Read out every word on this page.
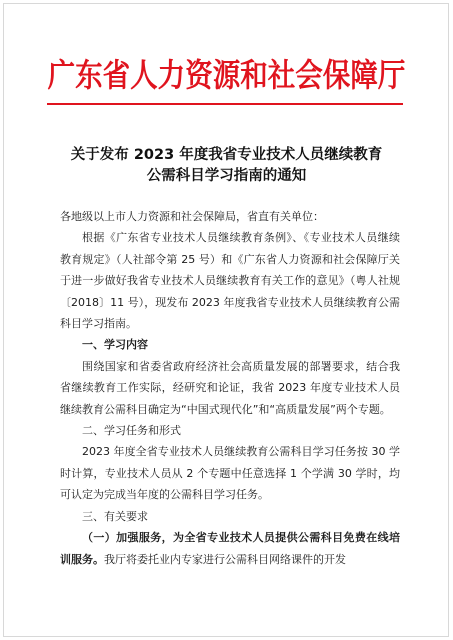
广东省人力资源和社会保障厅
关于发布 2023 年度我省专业技术人员继续教育
公需科目学习指南的通知

各地级以上市人力资源和社会保障局，省直有关单位：

根据《广东省专业技术人员继续教育条例》、《专业技术人员继续教育规定》（人社部令第 25 号）和《广东省人力资源和社会保障厅关于进一步做好我省专业技术人员继续教育有关工作的意见》（粤人社规〔2018〕11 号），现发布 2023 年度我省专业技术人员继续教育公需科目学习指南。

一、学习内容

围绕国家和省委省政府经济社会高质量发展的部署要求，结合我省继续教育工作实际，经研究和论证，我省 2023 年度专业技术人员继续教育公需科目确定为“中国式现代化”和“高质量发展”两个专题。

二、学习任务和形式

2023 年度全省专业技术人员继续教育公需科目学习任务按 30 学时计算，专业技术人员从 2 个专题中任意选择 1 个学满 30 学时，均可认定为完成当年度的公需科目学习任务。

三、有关要求

（一）加强服务，为全省专业技术人员提供公需科目免费在线培训服务。我厅将委托业内专家进行公需科目网络课件的开发
